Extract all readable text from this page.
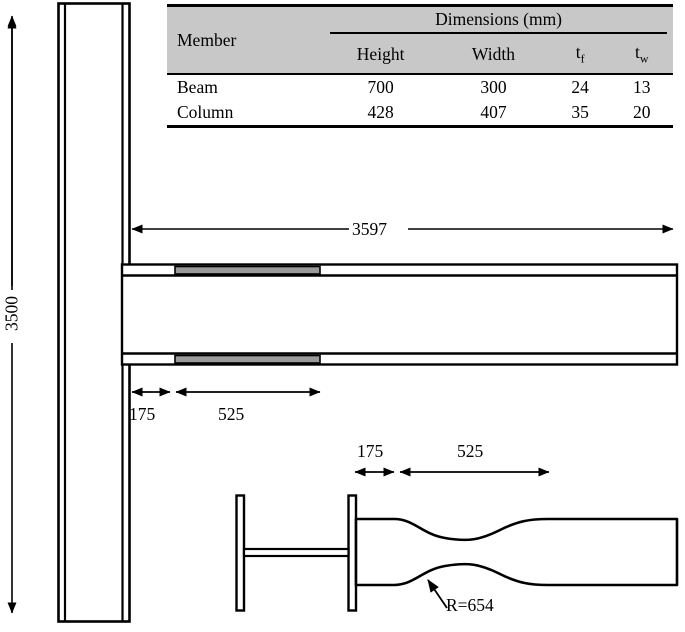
3500
3597
175	525
175	525
R=654
Member	Dimensions (mm)			

	Height	Width	$t_f$	$t_w$
Beam	700	300	24	13
Column	428	407	35	20
